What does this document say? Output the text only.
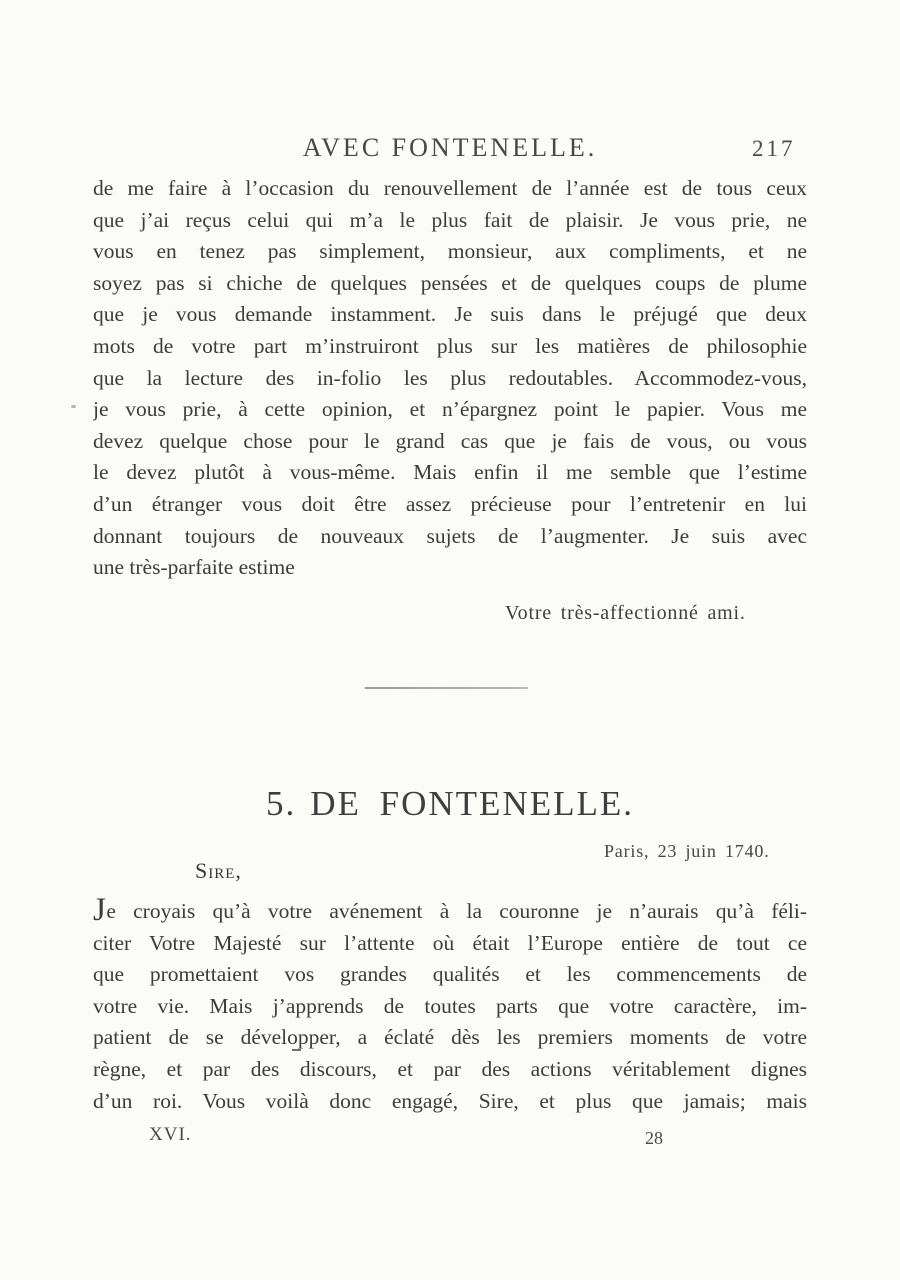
AVEC FONTENELLE.	217
de me faire à l’occasion du renouvellement de l’année est de tous ceux
que j’ai reçus celui qui m’a le plus fait de plaisir. Je vous prie, ne
vous en tenez pas simplement, monsieur, aux compliments, et ne
soyez pas si chiche de quelques pensées et de quelques coups de plume
que je vous demande instamment. Je suis dans le préjugé que deux
mots de votre part m’instruiront plus sur les matières de philosophie
que la lecture des in-folio les plus redoutables. Accommodez-vous,
je vous prie, à cette opinion, et n’épargnez point le papier. Vous me
devez quelque chose pour le grand cas que je fais de vous, ou vous
le devez plutôt à vous-même. Mais enfin il me semble que l’estime
d’un étranger vous doit être assez précieuse pour l’entretenir en lui
donnant toujours de nouveaux sujets de l’augmenter. Je suis avec
une très-parfaite estime
Votre très-affectionné ami.
5. DE FONTENELLE.
Paris, 23 juin 1740.
Sire,
Je croyais qu’à votre avénement à la couronne je n’aurais qu’à féli-
citer Votre Majesté sur l’attente où était l’Europe entière de tout ce
que promettaient vos grandes qualités et les commencements de
votre vie. Mais j’apprends de toutes parts que votre caractère, im-
patient de se développer, a éclaté dès les premiers moments de votre
règne, et par des discours, et par des actions véritablement dignes
d’un roi. Vous voilà donc engagé, Sire, et plus que jamais; mais
XVI.	28
